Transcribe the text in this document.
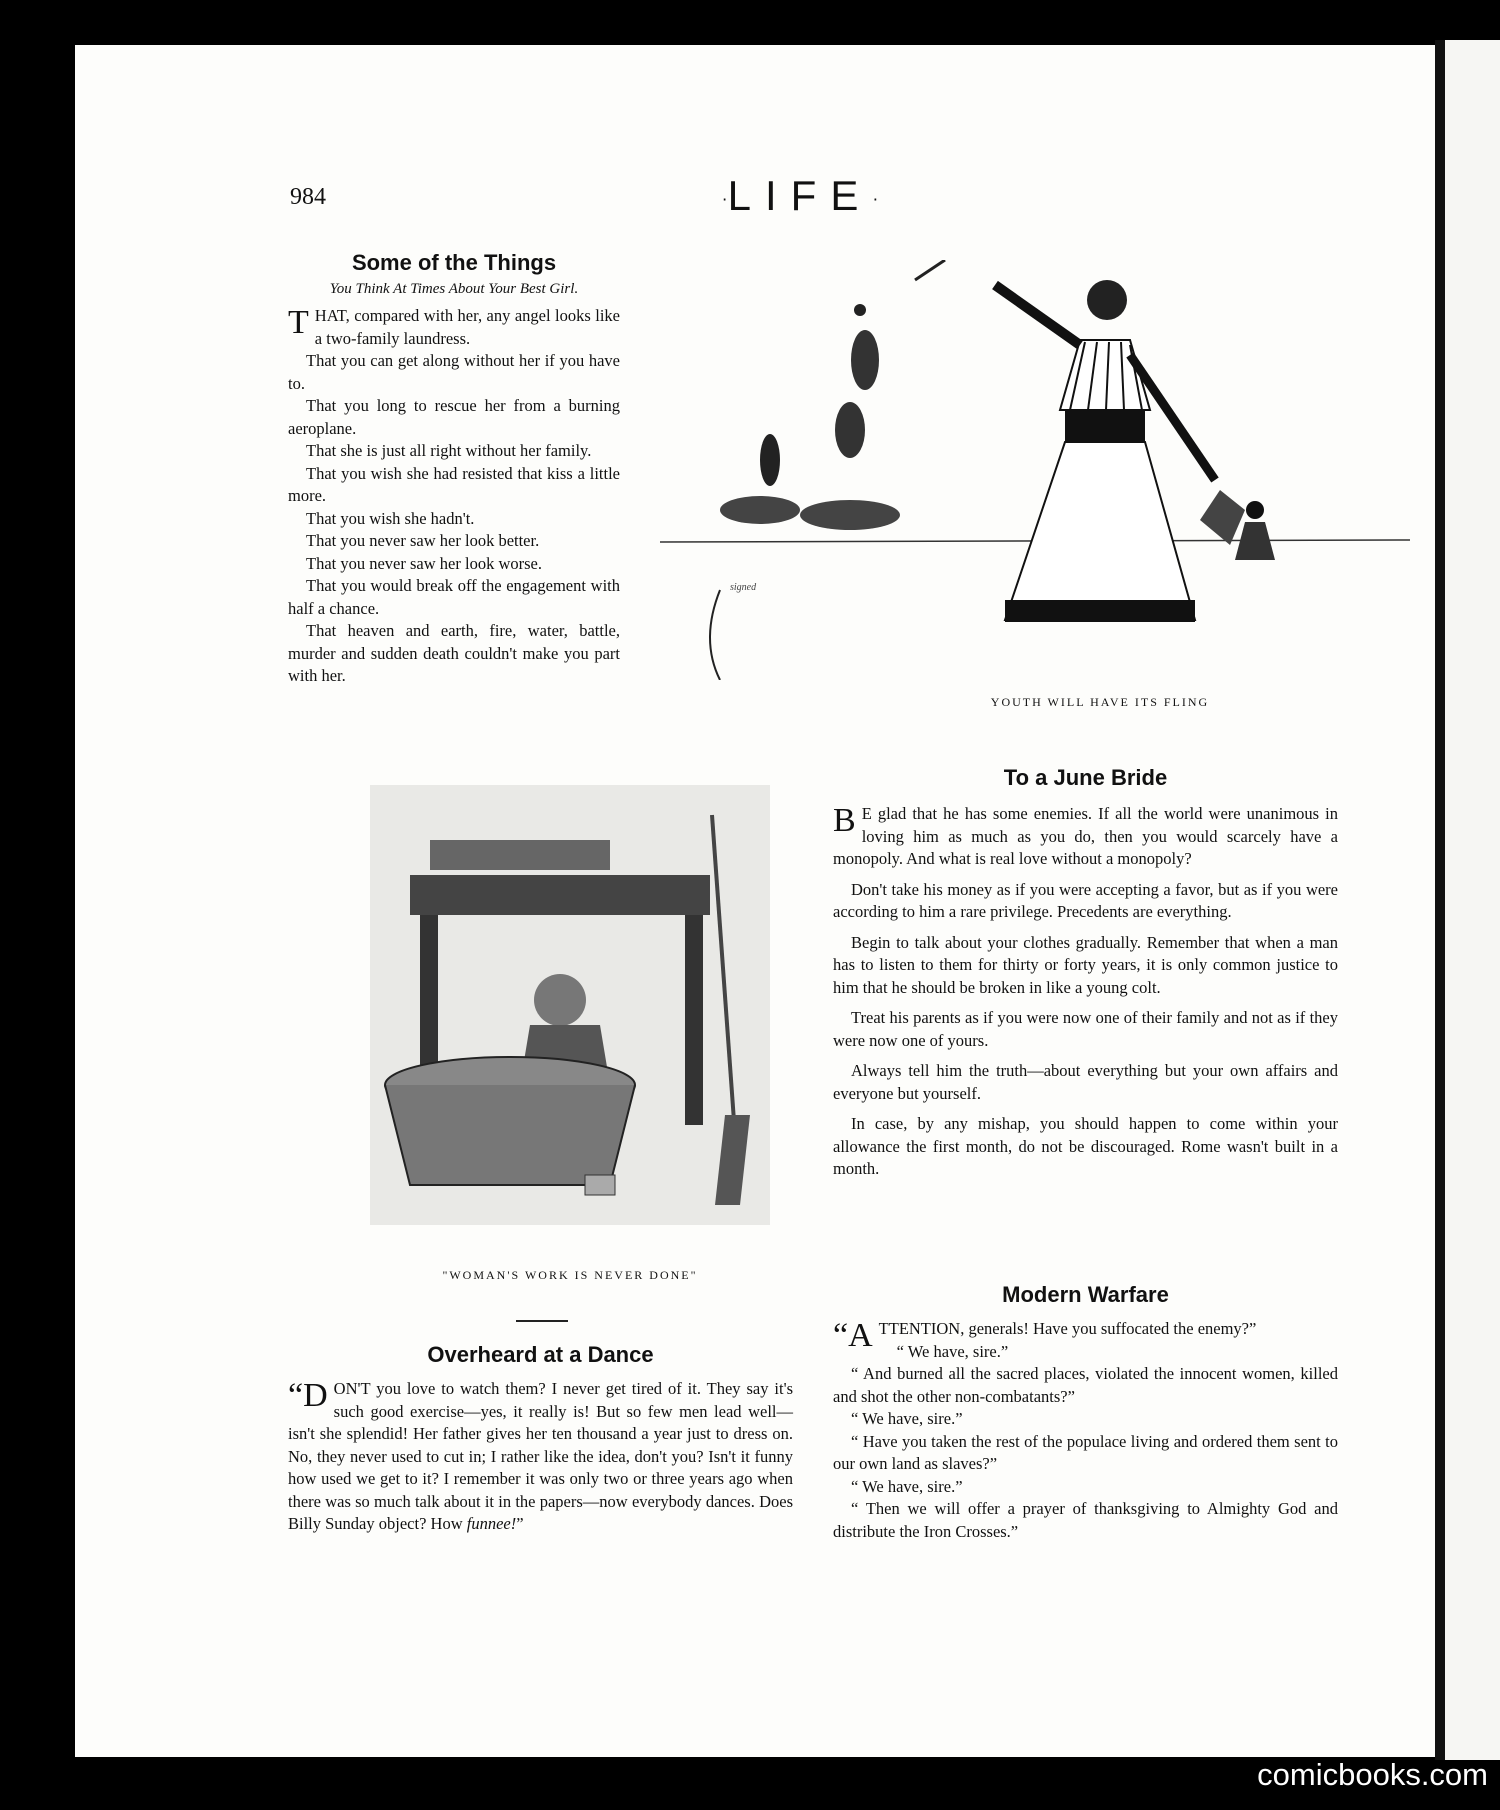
984	·LIFE·
Some of the Things
You Think At Times About Your Best Girl.

THAT, compared with her, any angel looks like a two-family laundress.

That you can get along without her if you have to.

That you long to rescue her from a burning aeroplane.

That she is just all right without her family.

That you wish she had resisted that kiss a little more.

That you wish she hadn't.

That you never saw her look better.

That you never saw her look worse.

That you would break off the engagement with half a chance.

That heaven and earth, fire, water, battle, murder and sudden death couldn't make you part with her.

signed
YOUTH WILL HAVE ITS FLING
"WOMAN'S WORK IS NEVER DONE"
Overheard at a Dance

“D ON'T you love to watch them? I never get tired of it. They say it's such good exercise—yes, it really is! But so few men lead well—isn't she splendid! Her father gives her ten thousand a year just to dress on. No, they never used to cut in; I rather like the idea, don't you? Isn't it funny how used we get to it? I remember it was only two or three years ago when there was so much talk about it in the papers—now everybody dances. Does Billy Sunday object? How funnee!”

To a June Bride

B E glad that he has some enemies. If all the world were unanimous in loving him as much as you do, then you would scarcely have a monopoly. And what is real love without a monopoly?

Don't take his money as if you were accepting a favor, but as if you were according to him a rare privilege. Precedents are everything.

Begin to talk about your clothes gradually. Remember that when a man has to listen to them for thirty or forty years, it is only common justice to him that he should be broken in like a young colt.

Treat his parents as if you were now one of their family and not as if they were now one of yours.

Always tell him the truth—about everything but your own affairs and everyone but yourself.

In case, by any mishap, you should happen to come within your allowance the first month, do not be discouraged. Rome wasn't built in a month.

Modern Warfare

“A TTENTION, generals! Have you suffocated the enemy?”

“ We have, sire.”

“ And burned all the sacred places, violated the innocent women, killed and shot the other non-combatants?”

“ We have, sire.”

“ Have you taken the rest of the populace living and ordered them sent to our own land as slaves?”

“ We have, sire.”

“ Then we will offer a prayer of thanksgiving to Almighty God and distribute the Iron Crosses.”

comicbooks.com
